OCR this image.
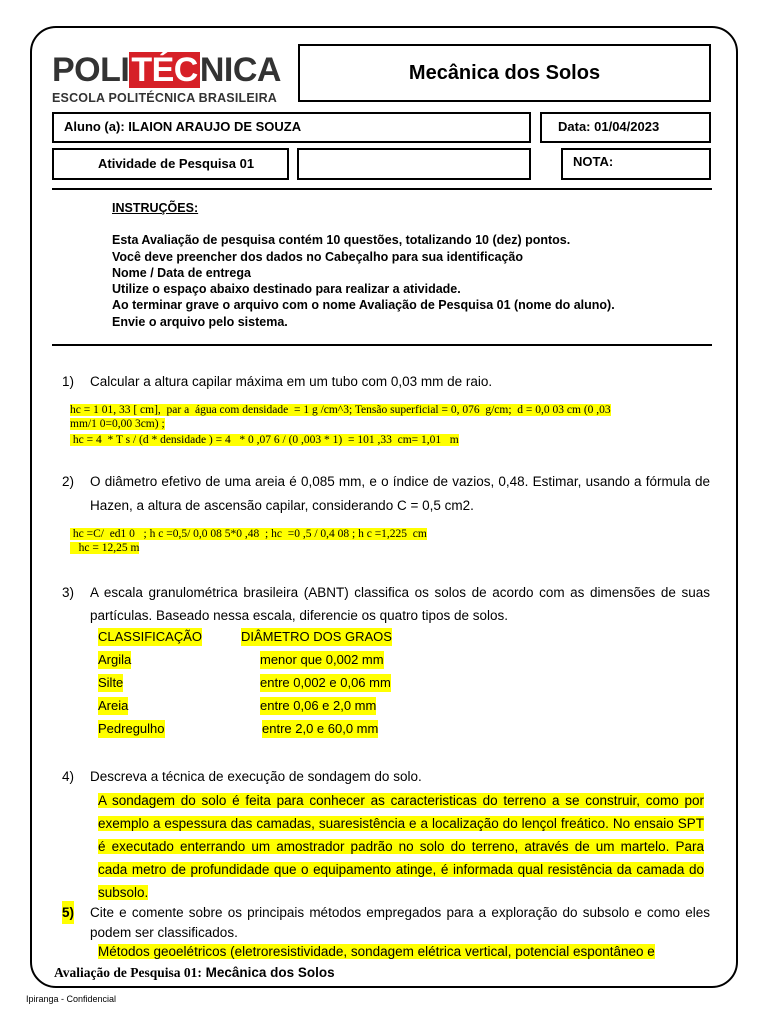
POLITÉCNICA
ESCOLA POLITÉCNICA BRASILEIRA
Mecânica dos Solos
Aluno (a): ILAION ARAUJO DE SOUZA	Data: 01/04/2023
Atividade de Pesquisa 01	NOTA:
INSTRUÇÕES:
Esta Avaliação de pesquisa contém 10 questões, totalizando 10 (dez) pontos.
Você deve preencher dos dados no Cabeçalho para sua identificação
Nome / Data de entrega
Utilize o espaço abaixo destinado para realizar a atividade.
Ao terminar grave o arquivo com o nome Avaliação de Pesquisa 01 (nome do aluno).
Envie o arquivo pelo sistema.
1)	Calcular a altura capilar máxima em um tubo com 0,03 mm de raio.
hc = 1 01, 33 [ cm],  par a  água com densidade  = 1 g /cm^3; Tensão superficial = 0, 076  g/cm;  d = 0,0 03 cm (0 ,03
mm/1 0=0,00 3cm) ;
hc = 4  * T s / (d * densidade ) = 4   * 0 ,07 6 / (0 ,003 * 1)  = 101 ,33  cm= 1,01   m
2)	O diâmetro efetivo de uma areia é 0,085 mm, e o índice de vazios, 0,48. Estimar, usando a fórmula de Hazen, a altura de ascensão capilar, considerando C = 0,5 cm2.
hc =C/  ed1 0   ; h c =0,5/ 0,0 08 5*0 ,48  ; hc  =0 ,5 / 0,4 08 ; h c =1,225  cm
hc = 12,25 m
3)	A escala granulométrica brasileira (ABNT) classifica os solos de acordo com as dimensões de suas partículas. Baseado nessa escala, diferencie os quatro tipos de solos.
CLASSIFICAÇÃO	DIÂMETRO DOS GRAOS
Argila	menor que 0,002 mm
Silte	entre 0,002 e 0,06 mm
Areia	entre 0,06 e 2,0 mm
Pedregulho	entre 2,0 e 60,0 mm
4)	Descreva a técnica de execução de sondagem do solo.
A sondagem do solo é feita para conhecer as caracteristicas do terreno a se construir, como por exemplo a espessura das camadas, suaresistência e a localização do lençol freático. No ensaio SPT é executado enterrando um amostrador padrão no solo do terreno, através de um martelo. Para cada metro de profundidade que o equipamento atinge, é informada qual resistência da camada do subsolo.
5) Cite e comente sobre os principais métodos empregados para a exploração do subsolo e como eles podem ser classificados.
Métodos geoelétricos (eletroresistividade, sondagem elétrica vertical, potencial espontâneo e
Avaliação de Pesquisa 01: Mecânica dos Solos
Ipiranga - Confidencial
